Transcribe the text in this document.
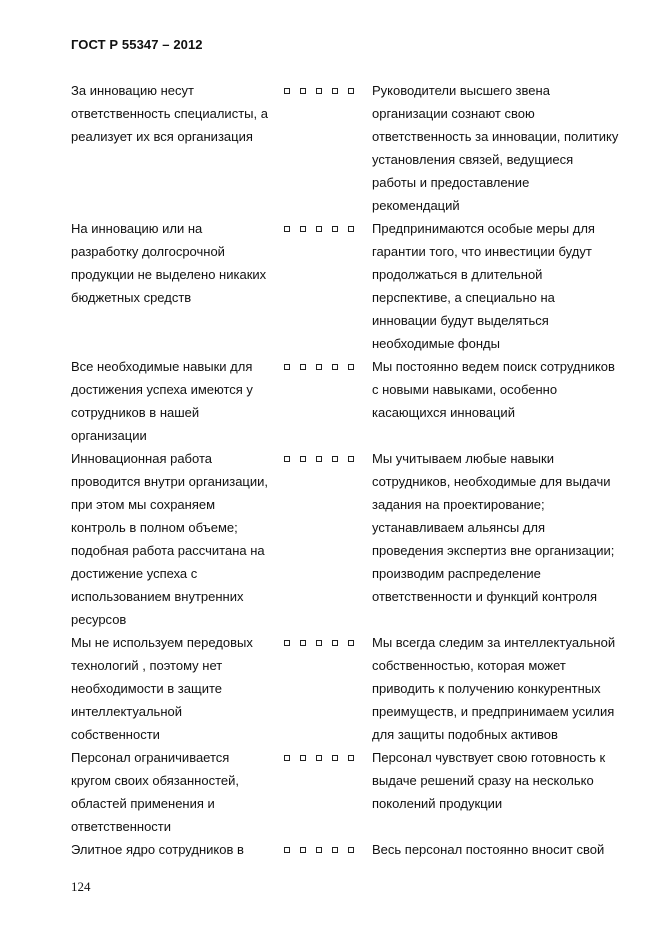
ГОСТ Р 55347 – 2012
За инновацию несут
ответственность специалисты, а
реализует их вся организация
Руководители высшего звена
организации сознают свою
ответственность за инновации, политику
установления связей, ведущиеся
работы и предоставление
рекомендаций
На инновацию или на
разработку долгосрочной
продукции не выделено никаких
бюджетных средств
Предпринимаются особые меры для
гарантии того, что инвестиции будут
продолжаться в длительной
перспективе, а специально на
инновации будут выделяться
необходимые фонды
Все необходимые навыки для
достижения успеха имеются у
сотрудников в нашей
организации
Мы постоянно ведем поиск сотрудников
с новыми навыками, особенно
касающихся инноваций
Инновационная работа
проводится внутри организации,
при этом мы сохраняем
контроль в полном объеме;
подобная работа рассчитана на
достижение успеха с
использованием внутренних
ресурсов
Мы учитываем любые навыки
сотрудников, необходимые для выдачи
задания на проектирование;
устанавливаем альянсы для
проведения экспертиз вне организации;
производим распределение
ответственности и функций контроля
Мы не используем передовых
технологий , поэтому нет
необходимости в защите
интеллектуальной
собственности
Мы всегда следим за интеллектуальной
собственностью, которая может
приводить к получению конкурентных
преимуществ, и предпринимаем усилия
для защиты подобных активов
Персонал ограничивается
кругом своих обязанностей,
областей применения и
ответственности
Персонал чувствует свою готовность к
выдаче решений сразу на несколько
поколений продукции
Элитное ядро сотрудников в	Весь персонал постоянно вносит свой
124
